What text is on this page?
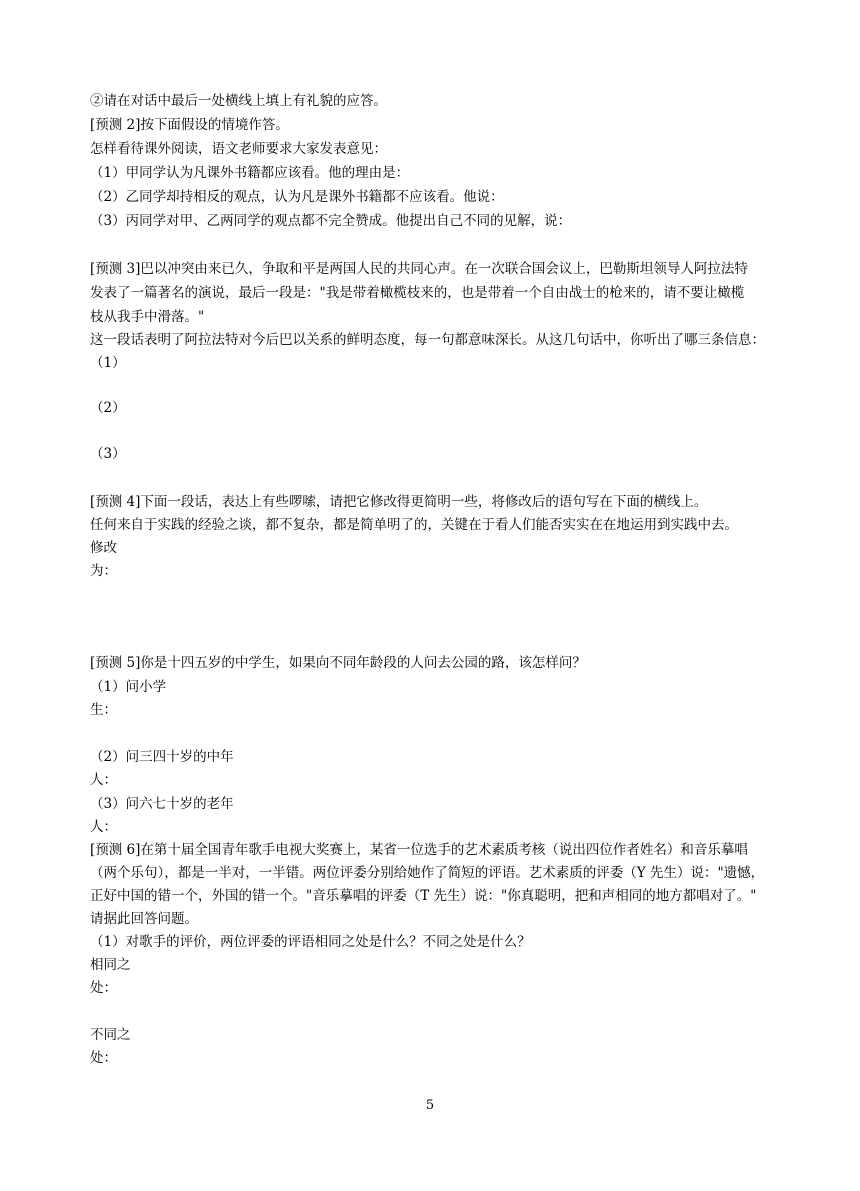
②请在对话中最后一处横线上填上有礼貌的应答。
[预测 2]按下面假设的情境作答。
怎样看待课外阅读，语文老师要求大家发表意见：
（1）甲同学认为凡课外书籍都应该看。他的理由是：
（2）乙同学却持相反的观点，认为凡是课外书籍都不应该看。他说：
（3）丙同学对甲、乙两同学的观点都不完全赞成。他提出自己不同的见解，说：
[预测 3]巴以冲突由来已久，争取和平是两国人民的共同心声。在一次联合国会议上，巴勒斯坦领导人阿拉法特
发表了一篇著名的演说，最后一段是："我是带着橄榄枝来的，也是带着一个自由战士的枪来的，请不要让橄榄
枝从我手中滑落。"
这一段话表明了阿拉法特对今后巴以关系的鲜明态度，每一句都意味深长。从这几句话中，你听出了哪三条信息：
（1）
（2）
（3）
[预测 4]下面一段话，表达上有些啰嗦，请把它修改得更简明一些，将修改后的语句写在下面的横线上。
任何来自于实践的经验之谈，都不复杂，都是简单明了的，关键在于看人们能否实实在在地运用到实践中去。
修改
为：
[预测 5]你是十四五岁的中学生，如果向不同年龄段的人问去公园的路，该怎样问？
（1）问小学
生：
（2）问三四十岁的中年
人：
（3）问六七十岁的老年
人：
[预测 6]在第十届全国青年歌手电视大奖赛上，某省一位选手的艺术素质考核（说出四位作者姓名）和音乐摹唱
（两个乐句），都是一半对，一半错。两位评委分别给她作了简短的评语。艺术素质的评委（Y 先生）说："遗憾，
正好中国的错一个，外国的错一个。"音乐摹唱的评委（T 先生）说："你真聪明，把和声相同的地方都唱对了。"
请据此回答问题。
（1）对歌手的评价，两位评委的评语相同之处是什么？不同之处是什么？
相同之
处：
不同之
处：
5
